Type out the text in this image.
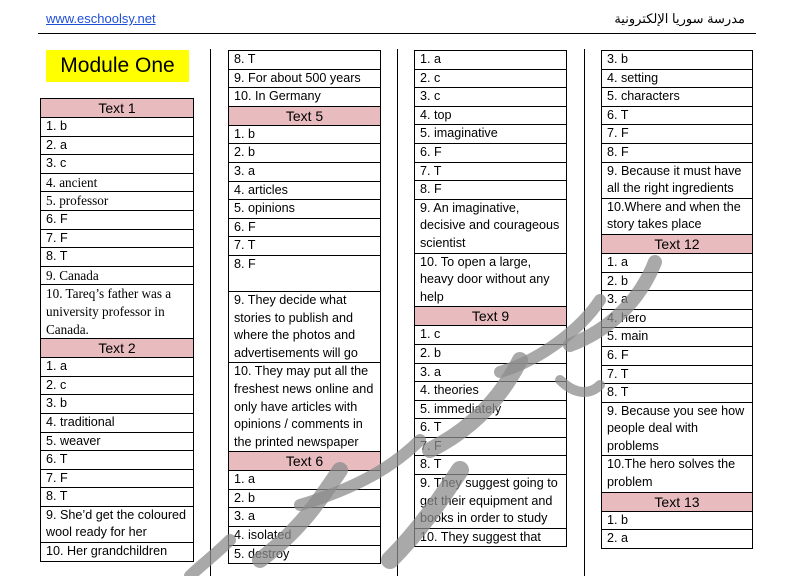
www.eschoolsy.net	مدرسة سوريا الإلكترونية
Module One
Text 1
1. b
2. a
3. c
4. ancient
5. professor
6. F
7. F
8. T
9. Canada
10. Tareq’s father was a university professor in Canada.
Text 2
1. a
2. c
3. b
4. traditional
5. weaver
6. T
7. F
8. T
9. She’d get the coloured wool ready for her
10. Her grandchildren
8. T
9. For about 500 years
10. In Germany
Text 5
1. b
2. b
3. a
4. articles
5. opinions
6. F
7. T
8. F
9. They decide what stories to publish and where the photos and advertisements will go
10. They may put all the freshest news online and only have articles with opinions / comments in the printed newspaper
Text 6
1. a
2. b
3. a
4. isolated
5. destroy
1. a
2. c
3. c
4. top
5. imaginative
6. F
7. T
8. F
9. An imaginative, decisive and courageous scientist
10. To open a large, heavy door without any help
Text 9
1. c
2. b
3. a
4. theories
5. immediately
6. T
7. F
8. T
9. They suggest going to get their equipment and books in order to study
10. They suggest that
3. b
4. setting
5. characters
6. T
7. F
8. F
9. Because it must have all the right ingredients
10.Where and when the story takes place
Text 12
1. a
2. b
3. a
4. hero
5. main
6. F
7. T
8. T
9. Because you see how people deal with problems
10.The hero solves the problem
Text 13
1. b
2. a
